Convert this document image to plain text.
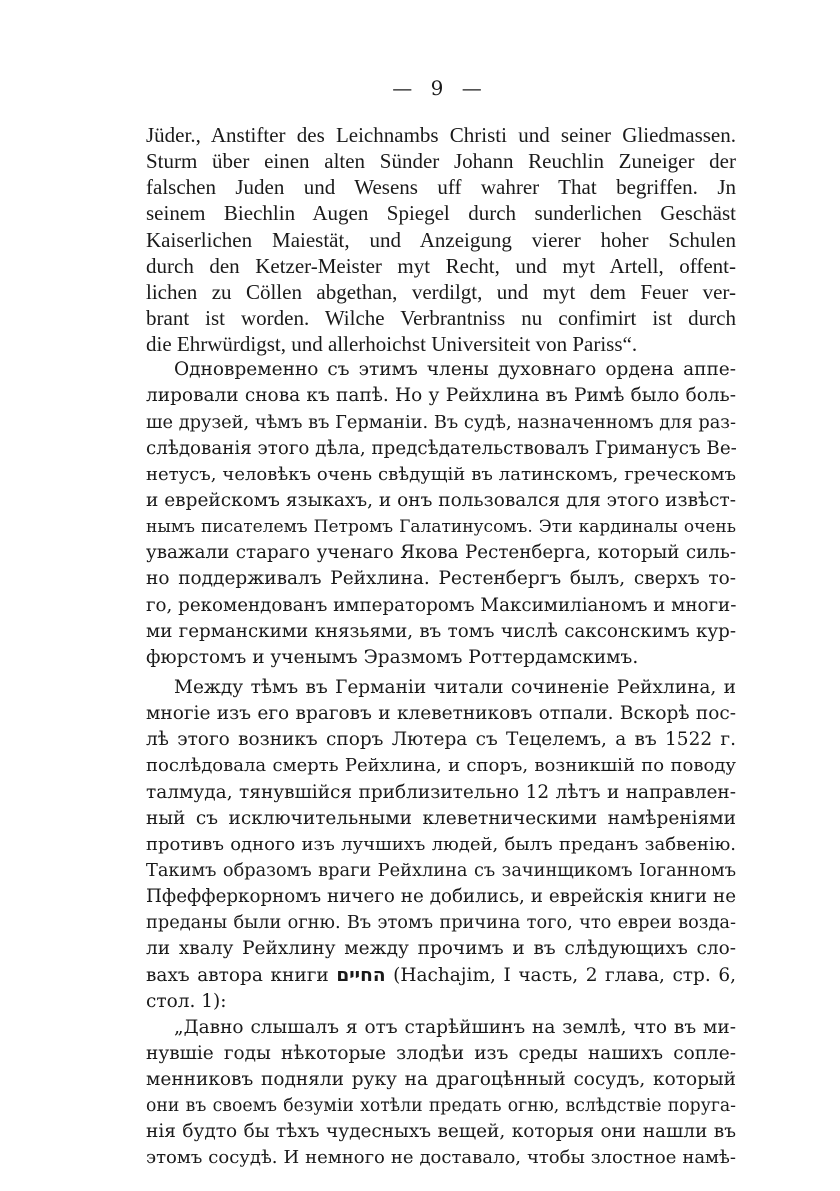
— 9 —
Jüder., Anstifter des Leichnambs Christi und seiner Gliedmassen.
Sturm über einen alten Sünder Johann Reuchlin Zuneiger der
falschen Juden und Wesens uff wahrer That begriffen. Jn
seinem Biechlin Augen Spiegel durch sunderlichen Geschäst
Kaiserlichen Maiestät, und Anzeigung vierer hoher Schulen
durch den Ketzer-Meister myt Recht, und myt Artell, offent-
lichen zu Cöllen abgethan, verdilgt, und myt dem Feuer ver-
brant ist worden. Wilche Verbrantniss nu confimirt ist durch
die Ehrwürdigst, und allerhoichst Universiteit von Pariss“.
Одновременно съ этимъ члены духовнаго ордена аппе-
лировали снова къ папѣ. Но у Рейхлина въ Римѣ было боль-
ше друзей, чѣмъ въ Германiи. Въ судѣ, назначенномъ для раз-
слѣдованiя этого дѣла, предсѣдательствовалъ Гриманусъ Ве-
нетусъ, человѣкъ очень свѣдущiй въ латинскомъ, греческомъ
и еврейскомъ языкахъ, и онъ пользовался для этого извѣст-
нымъ писателемъ Петромъ Галатинусомъ. Эти кардиналы очень
уважали стараго ученаго Якова Рестенберга, который силь-
но поддерживалъ Рейхлина. Рестенбергъ былъ, сверхъ то-
го, рекомендованъ императоромъ Максимилiаномъ и многи-
ми германскими князьями, въ томъ числѣ саксонскимъ кур-
фюрстомъ и ученымъ Эразмомъ Роттердамскимъ.
Между тѣмъ въ Германiи читали сочиненiе Рейхлина, и
многiе изъ его враговъ и клеветниковъ отпали. Вскорѣ пос-
лѣ этого возникъ споръ Лютера съ Тецелемъ, а въ 1522 г.
послѣдовала смерть Рейхлина, и споръ, возникшiй по поводу
талмуда, тянувшiйся приблизительно 12 лѣтъ и направлен-
ный съ исключительными клеветническими намѣренiями
противъ одного изъ лучшихъ людей, былъ преданъ забвенiю.
Такимъ образомъ враги Рейхлина съ зачинщикомъ Iоганномъ
Пфефферкорномъ ничего не добились, и еврейскiя книги не
преданы были огню. Въ этомъ причина того, что евреи возда-
ли хвалу Рейхлину между прочимъ и въ слѣдующихъ сло-
вахъ автора книги החיים (Hachajim, I часть, 2 глава, стр. 6,
стол. 1):
„Давно слышалъ я отъ старѣйшинъ на землѣ, что въ ми-
нувшiе годы нѣкоторые злодѣи изъ среды нашихъ сопле-
менниковъ подняли руку на драгоцѣнный сосудъ, который
они въ своемъ безумiи хотѣли предать огню, вслѣдствiе поруга-
нiя будто бы тѣхъ чудесныхъ вещей, которыя они нашли въ
этомъ сосудѣ. И немного не доставало, чтобы злостное намѣ-
